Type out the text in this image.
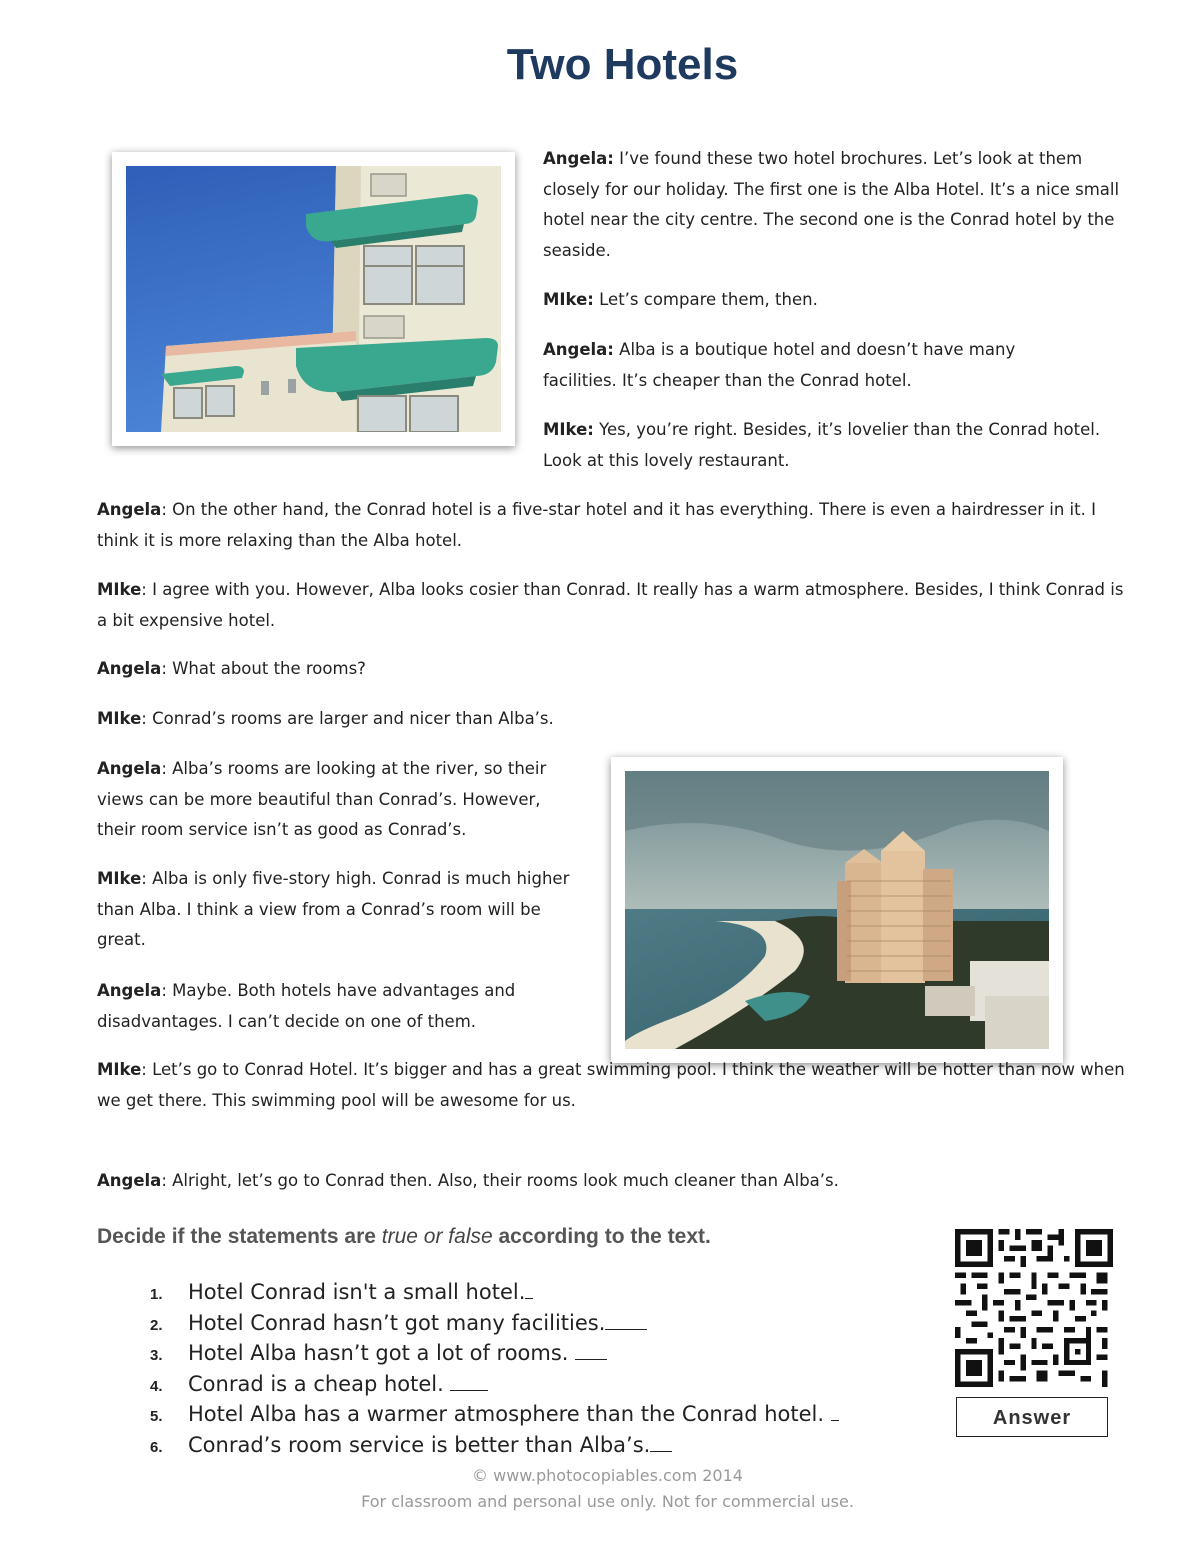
Two Hotels

Angela: I’ve found these two hotel brochures. Let’s look at them closely for our holiday. The first one is the Alba Hotel. It’s a nice small hotel near the city centre. The second one is the Conrad hotel by the seaside.

MIke: Let’s compare them, then.

Angela: Alba is a boutique hotel and doesn’t have many facilities. It’s cheaper than the Conrad hotel.

MIke: Yes, you’re right. Besides, it’s lovelier than the Conrad hotel. Look at this lovely restaurant.

Angela: On the other hand, the Conrad hotel is a five-star hotel and it has everything. There is even a hairdresser in it. I think it is more relaxing than the Alba hotel.

MIke: I agree with you. However, Alba looks cosier than Conrad. It really has a warm atmosphere. Besides, I think Conrad is a bit expensive hotel.

Angela: What about the rooms?

MIke: Conrad’s rooms are larger and nicer than Alba’s.

Angela: Alba’s rooms are looking at the river, so their views can be more beautiful than Conrad’s. However, their room service isn’t as good as Conrad’s.

MIke: Alba is only five-story high. Conrad is much higher than Alba. I think a view from a Conrad’s room will be great.

Angela: Maybe. Both hotels have advantages and disadvantages. I can’t decide on one of them.

MIke: Let’s go to Conrad Hotel. It’s bigger and has a great swimming pool. I think the weather will be hotter than now when we get there. This swimming pool will be awesome for us.

Angela: Alright, let’s go to Conrad then. Also, their rooms look much cleaner than Alba’s.

Decide if the statements are true or false according to the text.
1. Hotel Conrad isn't a small hotel.
2. Hotel Conrad hasn’t got many facilities.
3. Hotel Alba hasn’t got a lot of rooms.
4. Conrad is a cheap hotel.
5. Hotel Alba has a warmer atmosphere than the Conrad hotel.
6. Conrad’s room service is better than Alba’s.
Answer
© www.photocopiables.com 2014
For classroom and personal use only. Not for commercial use.
